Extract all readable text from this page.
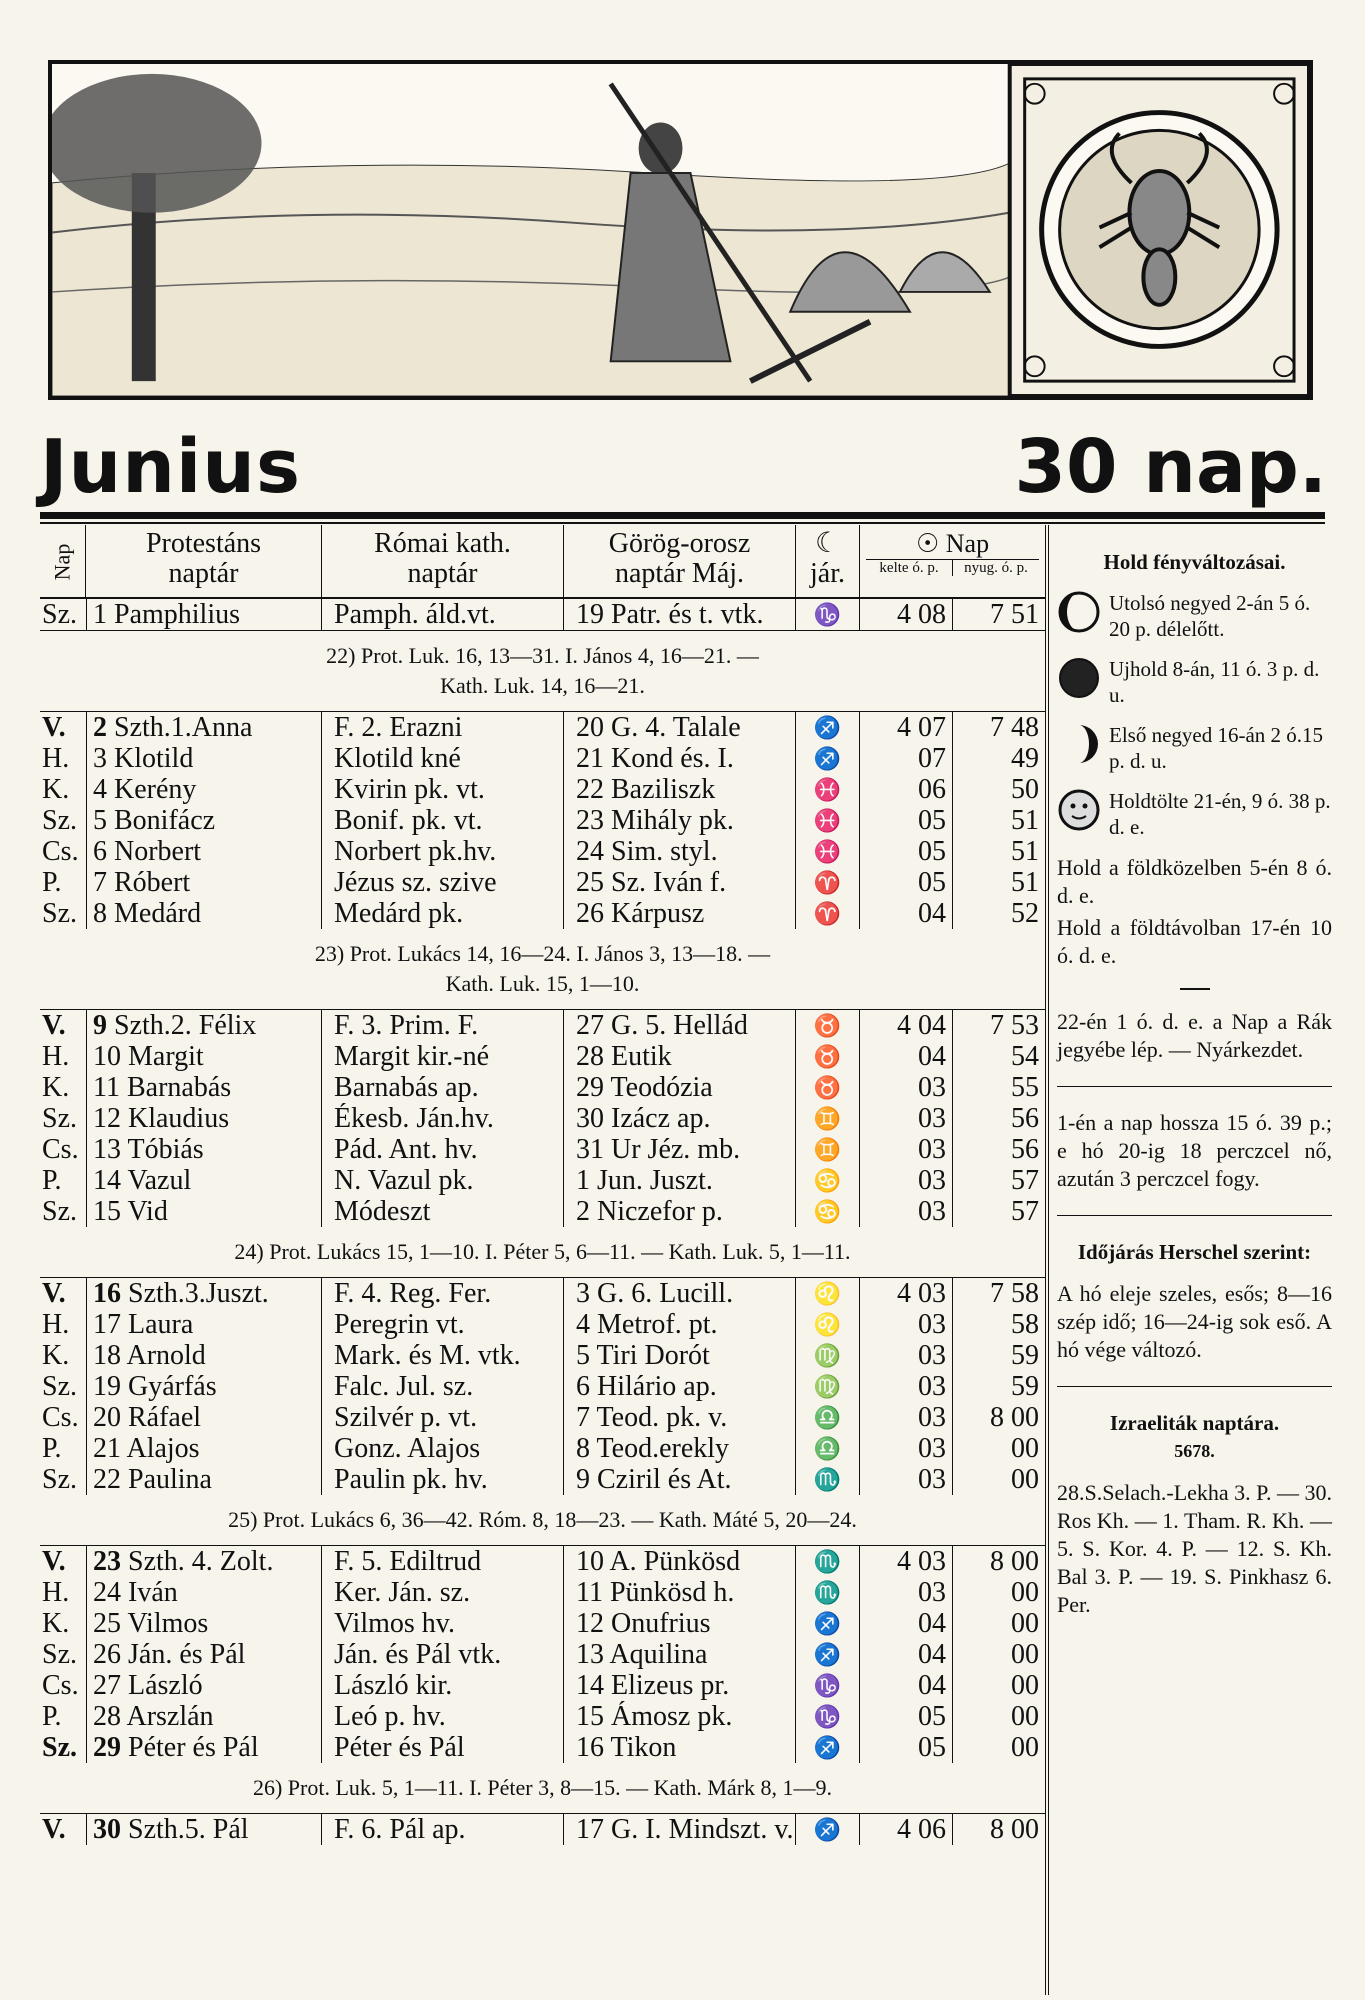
Junius	30 nap.
Nap
Protestáns
naptár
Római kath.
naptár
Görög-orosz
naptár Máj.
☾
jár.
☉ Nap
kelte ó. p.	nyug. ó. p.
Sz. 1 Pamphilius	Pamph. áld.vt.	19 Patr. és t. vtk.	♑	4 08	7 51
22) Prot. Luk. 16, 13—31. I. János 4, 16—21. —
Kath. Luk. 14, 16—21.
V. 2 Szth.1.Anna	F. 2. Erazni	20 G. 4. Talale	♐	4 07	7 48
H. 3 Klotild	Klotild kné	21 Kond és. I.	♐	07	49
K. 4 Kerény	Kvirin pk. vt.	22 Baziliszk	♓	06	50
Sz. 5 Bonifácz	Bonif. pk. vt.	23 Mihály pk.	♓	05	51
Cs. 6 Norbert	Norbert pk.hv.	24 Sim. styl.	♓	05	51
P.	7 Róbert	Jézus sz. szive	25 Sz. Iván f.	♈	05	51
Sz. 8 Medárd	Medárd pk.	26 Kárpusz	♈	04	52
23) Prot. Lukács 14, 16—24. I. János 3, 13—18. —
Kath. Luk. 15, 1—10.
V. 9 Szth.2. Félix	F. 3. Prim. F.	27 G. 5. Hellád	♉	4 04	7 53
H. 10 Margit	Margit kir.-né	28 Eutik	♉	04	54
K. 11 Barnabás	Barnabás ap.	29 Teodózia	♉	03	55
Sz. 12 Klaudius	Ékesb. Ján.hv.	30 Izácz ap.	♊	03	56
Cs. 13 Tóbiás	Pád. Ant. hv.	31 Ur Jéz. mb.	♊	03	56
P.	14 Vazul	N. Vazul pk.	1 Jun. Juszt.	♋	03	57
Sz. 15 Vid	Módeszt	2 Niczefor p.	♋	03	57
24) Prot. Lukács 15, 1—10. I. Péter 5, 6—11. — Kath. Luk. 5, 1—11.
V. 16 Szth.3.Juszt.	F. 4. Reg. Fer.	3 G. 6. Lucill.	♌	4 03	7 58
H. 17 Laura	Peregrin vt.	4 Metrof. pt.	♌	03	58
K. 18 Arnold	Mark. és M. vtk.	5 Tiri Dorót	♍	03	59
Sz. 19 Gyárfás	Falc. Jul. sz.	6 Hilário ap.	♍	03	59
Cs. 20 Ráfael	Szilvér p. vt.	7 Teod. pk. v.	♎	03	8 00
P.	21 Alajos	Gonz. Alajos	8 Teod.erekly	♎	03	00
Sz. 22 Paulina	Paulin pk. hv.	9 Cziril és At.	♏	03	00
25) Prot. Lukács 6, 36—42. Róm. 8, 18—23. — Kath. Máté 5, 20—24.
V. 23 Szth. 4. Zolt.	F. 5. Ediltrud	10 A. Pünkösd	♏	4 03	8 00
H. 24 Iván	Ker. Ján. sz.	11 Pünkösd h.	♏	03	00
K. 25 Vilmos	Vilmos hv.	12 Onufrius	♐	04	00
Sz. 26 Ján. és Pál	Ján. és Pál vtk.	13 Aquilina	♐	04	00
Cs. 27 László	László kir.	14 Elizeus pr.	♑	04	00
P.	28 Arszlán	Leó p. hv.	15 Ámosz pk.	♑	05	00
Sz. 29 Péter és Pál	Péter és Pál	16 Tikon	♐	05	00
26) Prot. Luk. 5, 1—11. I. Péter 3, 8—15. — Kath. Márk 8, 1—9.
V. 30 Szth.5. Pál	F. 6. Pál ap.	17 G. I. Mindszt. v. ♐	4 06	8 00
Hold fényváltozásai.
Utolsó negyed 2-án 5 ó. 20 p. délelőtt.
Ujhold 8-án, 11 ó. 3 p. d. u.
Első negyed 16-án 2 ó.15 p. d. u.
Holdtölte 21-én, 9 ó. 38 p. d. e.

Hold a földközelben 5-én 8 ó. d. e.

Hold a földtávolban 17-én 10 ó. d. e.

22-én 1 ó. d. e. a Nap a Rák jegyébe lép. — Nyárkezdet.

1-én a nap hossza 15 ó. 39 p.; e hó 20-ig 18 perczcel nő, azután 3 perczcel fogy.

Időjárás Herschel szerint:

A hó eleje szeles, esős; 8—16 szép idő; 16—24-ig sok eső. A hó vége változó.

Izraeliták naptára.
5678.

28.S.Selach.-Lekha 3. P. — 30. Ros Kh. — 1. Tham. R. Kh. — 5. S. Kor. 4. P. — 12. S. Kh. Bal 3. P. — 19. S. Pinkhasz 6. Per.
